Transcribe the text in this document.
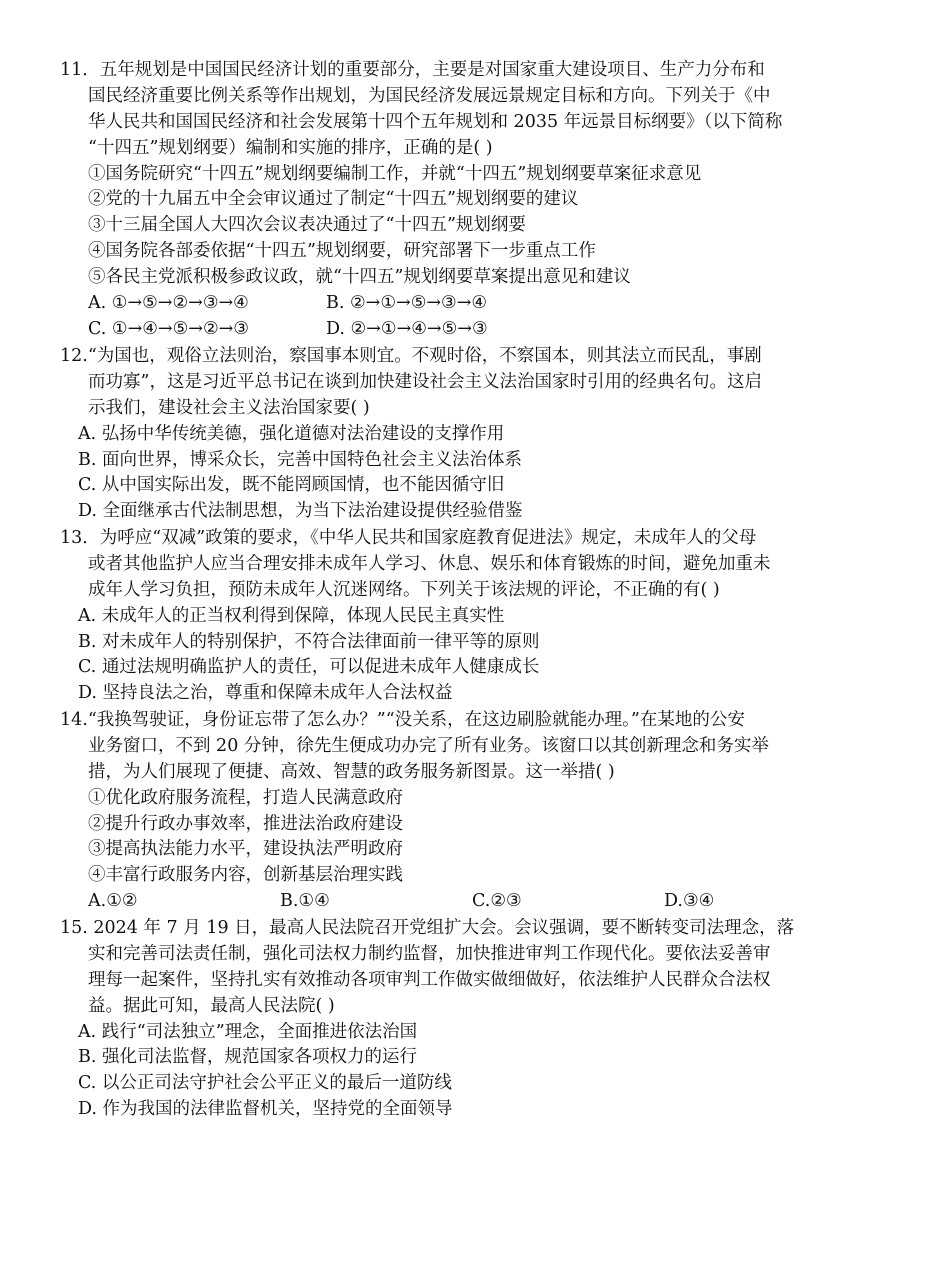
11．五年规划是中国国民经济计划的重要部分，主要是对国家重大建设项目、生产力分布和
国民经济重要比例关系等作出规划，为国民经济发展远景规定目标和方向。下列关于《中
华人民共和国国民经济和社会发展第十四个五年规划和 2035 年远景目标纲要》（以下简称
“十四五”规划纲要）编制和实施的排序，正确的是( )
①国务院研究“十四五”规划纲要编制工作，并就“十四五”规划纲要草案征求意见
②党的十九届五中全会审议通过了制定“十四五”规划纲要的建议
③十三届全国人大四次会议表决通过了“十四五”规划纲要
④国务院各部委依据“十四五”规划纲要，研究部署下一步重点工作
⑤各民主党派积极参政议政，就“十四五”规划纲要草案提出意见和建议
A. ①→⑤→②→③→④	B. ②→①→⑤→③→④
C. ①→④→⑤→②→③	D. ②→①→④→⑤→③
12.“为国也，观俗立法则治，察国事本则宜。不观时俗，不察国本，则其法立而民乱，事剧
而功寡”，这是习近平总书记在谈到加快建设社会主义法治国家时引用的经典名句。这启
示我们，建设社会主义法治国家要( )
A. 弘扬中华传统美德，强化道德对法治建设的支撑作用
B. 面向世界，博采众长，完善中国特色社会主义法治体系
C. 从中国实际出发，既不能罔顾国情，也不能因循守旧
D. 全面继承古代法制思想，为当下法治建设提供经验借鉴
13．为呼应“双减”政策的要求，《中华人民共和国家庭教育促进法》规定，未成年人的父母
或者其他监护人应当合理安排未成年人学习、休息、娱乐和体育锻炼的时间，避免加重未
成年人学习负担，预防未成年人沉迷网络。下列关于该法规的评论，不正确的有( )
A. 未成年人的正当权利得到保障，体现人民民主真实性
B. 对未成年人的特别保护，不符合法律面前一律平等的原则
C. 通过法规明确监护人的责任，可以促进未成年人健康成长
D. 坚持良法之治，尊重和保障未成年人合法权益
14.“我换驾驶证，身份证忘带了怎么办？”“没关系，在这边刷脸就能办理。”在某地的公安
业务窗口，不到 20 分钟，徐先生便成功办完了所有业务。该窗口以其创新理念和务实举
措，为人们展现了便捷、高效、智慧的政务服务新图景。这一举措( )
①优化政府服务流程，打造人民满意政府
②提升行政办事效率，推进法治政府建设
③提高执法能力水平，建设执法严明政府
④丰富行政服务内容，创新基层治理实践
A.①②	B.①④	C.②③	D.③④
15. 2024 年 7 月 19 日，最高人民法院召开党组扩大会。会议强调，要不断转变司法理念，落
实和完善司法责任制，强化司法权力制约监督，加快推进审判工作现代化。要依法妥善审
理每一起案件，坚持扎实有效推动各项审判工作做实做细做好，依法维护人民群众合法权
益。据此可知，最高人民法院( )
A. 践行“司法独立”理念，全面推进依法治国
B. 强化司法监督，规范国家各项权力的运行
C. 以公正司法守护社会公平正义的最后一道防线
D. 作为我国的法律监督机关，坚持党的全面领导
